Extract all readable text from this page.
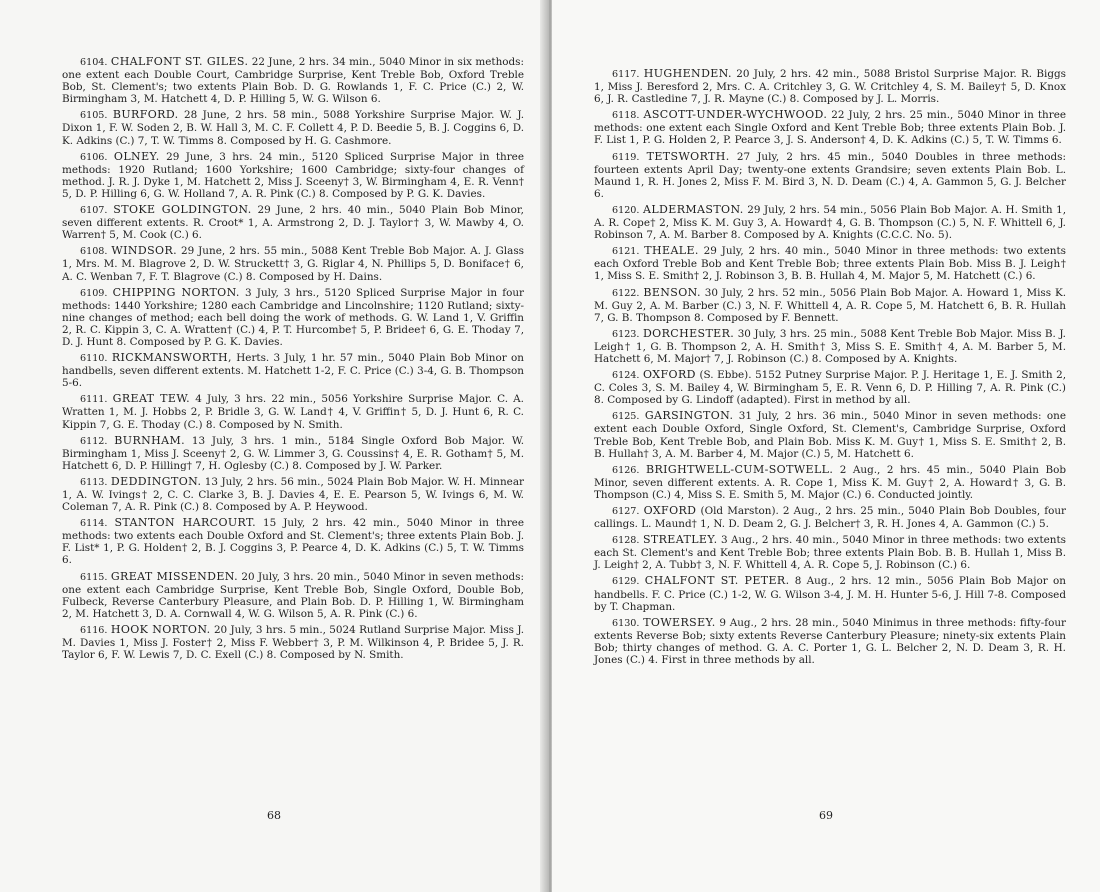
6104. CHALFONT ST. GILES. 22 June, 2 hrs. 34 min., 5040 Minor in six methods: one extent each Double Court, Cambridge Surprise, Kent Treble Bob, Oxford Treble Bob, St. Clement's; two extents Plain Bob. D. G. Rowlands 1, F. C. Price (C.) 2, W. Birmingham 3, M. Hatchett 4, D. P. Hilling 5, W. G. Wilson 6.

6105. BURFORD. 28 June, 2 hrs. 58 min., 5088 Yorkshire Surprise Major. W. J. Dixon 1, F. W. Soden 2, B. W. Hall 3, M. C. F. Collett 4, P. D. Beedie 5, B. J. Coggins 6, D. K. Adkins (C.) 7, T. W. Timms 8. Composed by H. G. Cashmore.

6106. OLNEY. 29 June, 3 hrs. 24 min., 5120 Spliced Surprise Major in three methods: 1920 Rutland; 1600 Yorkshire; 1600 Cambridge; sixty-four changes of method. J. R. J. Dyke 1, M. Hatchett 2, Miss J. Sceeny† 3, W. Birmingham 4, E. R. Venn† 5, D. P. Hilling 6, G. W. Holland 7, A. R. Pink (C.) 8. Composed by P. G. K. Davies.

6107. STOKE GOLDINGTON. 29 June, 2 hrs. 40 min., 5040 Plain Bob Minor, seven different extents. R. Croot* 1, A. Armstrong 2, D. J. Taylor† 3, W. Mawby 4, O. Warren† 5, M. Cook (C.) 6.

6108. WINDSOR. 29 June, 2 hrs. 55 min., 5088 Kent Treble Bob Major. A. J. Glass 1, Mrs. M. M. Blagrove 2, D. W. Struckett† 3, G. Riglar 4, N. Phillips 5, D. Boniface† 6, A. C. Wenban 7, F. T. Blagrove (C.) 8. Composed by H. Dains.

6109. CHIPPING NORTON. 3 July, 3 hrs., 5120 Spliced Surprise Major in four methods: 1440 Yorkshire; 1280 each Cambridge and Lincolnshire; 1120 Rutland; sixty-nine changes of method; each bell doing the work of methods. G. W. Land 1, V. Griffin 2, R. C. Kippin 3, C. A. Wratten† (C.) 4, P. T. Hurcombe† 5, P. Bridee† 6, G. E. Thoday 7, D. J. Hunt 8. Composed by P. G. K. Davies.

6110. RICKMANSWORTH, Herts. 3 July, 1 hr. 57 min., 5040 Plain Bob Minor on handbells, seven different extents. M. Hatchett 1-2, F. C. Price (C.) 3-4, G. B. Thompson 5-6.

6111. GREAT TEW. 4 July, 3 hrs. 22 min., 5056 Yorkshire Surprise Major. C. A. Wratten 1, M. J. Hobbs 2, P. Bridle 3, G. W. Land† 4, V. Griffin† 5, D. J. Hunt 6, R. C. Kippin 7, G. E. Thoday (C.) 8. Composed by N. Smith.

6112. BURNHAM. 13 July, 3 hrs. 1 min., 5184 Single Oxford Bob Major. W. Birmingham 1, Miss J. Sceeny† 2, G. W. Limmer 3, G. Coussins† 4, E. R. Gotham† 5, M. Hatchett 6, D. P. Hilling† 7, H. Oglesby (C.) 8. Composed by J. W. Parker.

6113. DEDDINGTON. 13 July, 2 hrs. 56 min., 5024 Plain Bob Major. W. H. Minnear 1, A. W. Ivings† 2, C. C. Clarke 3, B. J. Davies 4, E. E. Pearson 5, W. Ivings 6, M. W. Coleman 7, A. R. Pink (C.) 8. Composed by A. P. Heywood.

6114. STANTON HARCOURT. 15 July, 2 hrs. 42 min., 5040 Minor in three methods: two extents each Double Oxford and St. Clement's; three extents Plain Bob. J. F. List* 1, P. G. Holden† 2, B. J. Coggins 3, P. Pearce 4, D. K. Adkins (C.) 5, T. W. Timms 6.

6115. GREAT MISSENDEN. 20 July, 3 hrs. 20 min., 5040 Minor in seven methods: one extent each Cambridge Surprise, Kent Treble Bob, Single Oxford, Double Bob, Fulbeck, Reverse Canterbury Pleasure, and Plain Bob. D. P. Hilling 1, W. Birmingham 2, M. Hatchett 3, D. A. Cornwall 4, W. G. Wilson 5, A. R. Pink (C.) 6.

6116. HOOK NORTON. 20 July, 3 hrs. 5 min., 5024 Rutland Surprise Major. Miss J. M. Davies 1, Miss J. Foster† 2, Miss F. Webber† 3, P. M. Wilkinson 4, P. Bridee 5, J. R. Taylor 6, F. W. Lewis 7, D. C. Exell (C.) 8. Composed by N. Smith.

68

6117. HUGHENDEN. 20 July, 2 hrs. 42 min., 5088 Bristol Surprise Major. R. Biggs 1, Miss J. Beresford 2, Mrs. C. A. Critchley 3, G. W. Critchley 4, S. M. Bailey† 5, D. Knox 6, J. R. Castledine 7, J. R. Mayne (C.) 8. Composed by J. L. Morris.

6118. ASCOTT-UNDER-WYCHWOOD. 22 July, 2 hrs. 25 min., 5040 Minor in three methods: one extent each Single Oxford and Kent Treble Bob; three extents Plain Bob. J. F. List 1, P. G. Holden 2, P. Pearce 3, J. S. Anderson† 4, D. K. Adkins (C.) 5, T. W. Timms 6.

6119. TETSWORTH. 27 July, 2 hrs. 45 min., 5040 Doubles in three methods: fourteen extents April Day; twenty-one extents Grandsire; seven extents Plain Bob. L. Maund 1, R. H. Jones 2, Miss F. M. Bird 3, N. D. Deam (C.) 4, A. Gammon 5, G. J. Belcher 6.

6120. ALDERMASTON. 29 July, 2 hrs. 54 min., 5056 Plain Bob Major. A. H. Smith 1, A. R. Cope† 2, Miss K. M. Guy 3, A. Howard† 4, G. B. Thompson (C.) 5, N. F. Whittell 6, J. Robinson 7, A. M. Barber 8. Composed by A. Knights (C.C.C. No. 5).

6121. THEALE. 29 July, 2 hrs. 40 min., 5040 Minor in three methods: two extents each Oxford Treble Bob and Kent Treble Bob; three extents Plain Bob. Miss B. J. Leigh† 1, Miss S. E. Smith† 2, J. Robinson 3, B. B. Hullah 4, M. Major 5, M. Hatchett (C.) 6.

6122. BENSON. 30 July, 2 hrs. 52 min., 5056 Plain Bob Major. A. Howard 1, Miss K. M. Guy 2, A. M. Barber (C.) 3, N. F. Whittell 4, A. R. Cope 5, M. Hatchett 6, B. R. Hullah 7, G. B. Thompson 8. Composed by F. Bennett.

6123. DORCHESTER. 30 July, 3 hrs. 25 min., 5088 Kent Treble Bob Major. Miss B. J. Leigh† 1, G. B. Thompson 2, A. H. Smith† 3, Miss S. E. Smith† 4, A. M. Barber 5, M. Hatchett 6, M. Major† 7, J. Robinson (C.) 8. Composed by A. Knights.

6124. OXFORD (S. Ebbe). 5152 Putney Surprise Major. P. J. Heritage 1, E. J. Smith 2, C. Coles 3, S. M. Bailey 4, W. Birmingham 5, E. R. Venn 6, D. P. Hilling 7, A. R. Pink (C.) 8. Composed by G. Lindoff (adapted). First in method by all.

6125. GARSINGTON. 31 July, 2 hrs. 36 min., 5040 Minor in seven methods: one extent each Double Oxford, Single Oxford, St. Clement's, Cambridge Surprise, Oxford Treble Bob, Kent Treble Bob, and Plain Bob. Miss K. M. Guy† 1, Miss S. E. Smith† 2, B. B. Hullah† 3, A. M. Barber 4, M. Major (C.) 5, M. Hatchett 6.

6126. BRIGHTWELL-CUM-SOTWELL. 2 Aug., 2 hrs. 45 min., 5040 Plain Bob Minor, seven different extents. A. R. Cope 1, Miss K. M. Guy† 2, A. Howard† 3, G. B. Thompson (C.) 4, Miss S. E. Smith 5, M. Major (C.) 6. Conducted jointly.

6127. OXFORD (Old Marston). 2 Aug., 2 hrs. 25 min., 5040 Plain Bob Doubles, four callings. L. Maund† 1, N. D. Deam 2, G. J. Belcher† 3, R. H. Jones 4, A. Gammon (C.) 5.

6128. STREATLEY. 3 Aug., 2 hrs. 40 min., 5040 Minor in three methods: two extents each St. Clement's and Kent Treble Bob; three extents Plain Bob. B. B. Hullah 1, Miss B. J. Leigh† 2, A. Tubb† 3, N. F. Whittell 4, A. R. Cope 5, J. Robinson (C.) 6.

6129. CHALFONT ST. PETER. 8 Aug., 2 hrs. 12 min., 5056 Plain Bob Major on handbells. F. C. Price (C.) 1-2, W. G. Wilson 3-4, J. M. H. Hunter 5-6, J. Hill 7-8. Composed by T. Chapman.

6130. TOWERSEY. 9 Aug., 2 hrs. 28 min., 5040 Minimus in three methods: fifty-four extents Reverse Bob; sixty extents Reverse Canterbury Pleasure; ninety-six extents Plain Bob; thirty changes of method. G. A. C. Porter 1, G. L. Belcher 2, N. D. Deam 3, R. H. Jones (C.) 4. First in three methods by all.

69
